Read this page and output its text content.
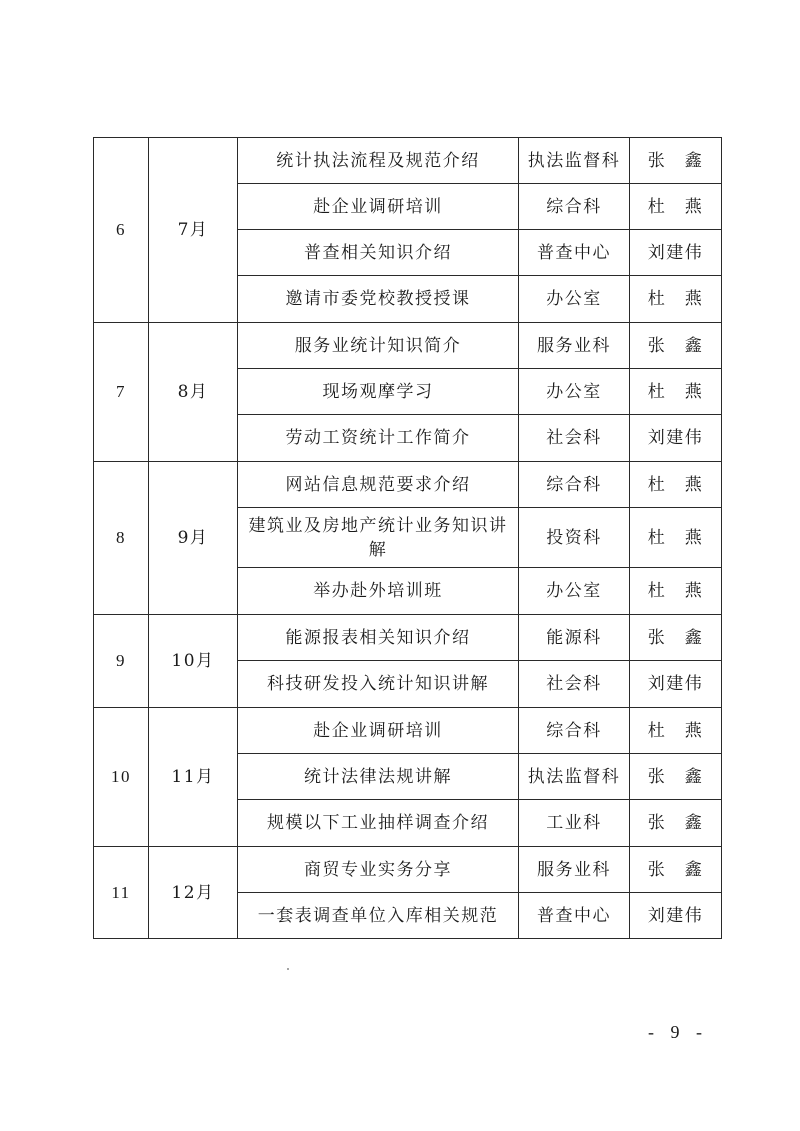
6	7月	统计执法流程及规范介绍	执法监督科	张　鑫
		赴企业调研培训	综合科	杜　燕
		普查相关知识介绍	普查中心	刘建伟
		邀请市委党校教授授课	办公室	杜　燕
7	8月	服务业统计知识简介	服务业科	张　鑫
		现场观摩学习	办公室	杜　燕
		劳动工资统计工作简介	社会科	刘建伟
8	9月	网站信息规范要求介绍	综合科	杜　燕
		建筑业及房地产统计业务知识讲解	投资科	杜　燕
		举办赴外培训班	办公室	杜　燕
9	10月	能源报表相关知识介绍	能源科	张　鑫
		科技研发投入统计知识讲解	社会科	刘建伟
10	11月	赴企业调研培训	综合科	杜　燕
		统计法律法规讲解	执法监督科	张　鑫
		规模以下工业抽样调查介绍	工业科	张　鑫
11	12月	商贸专业实务分享	服务业科	张　鑫
		一套表调查单位入库相关规范	普查中心	刘建伟
- 9 -
